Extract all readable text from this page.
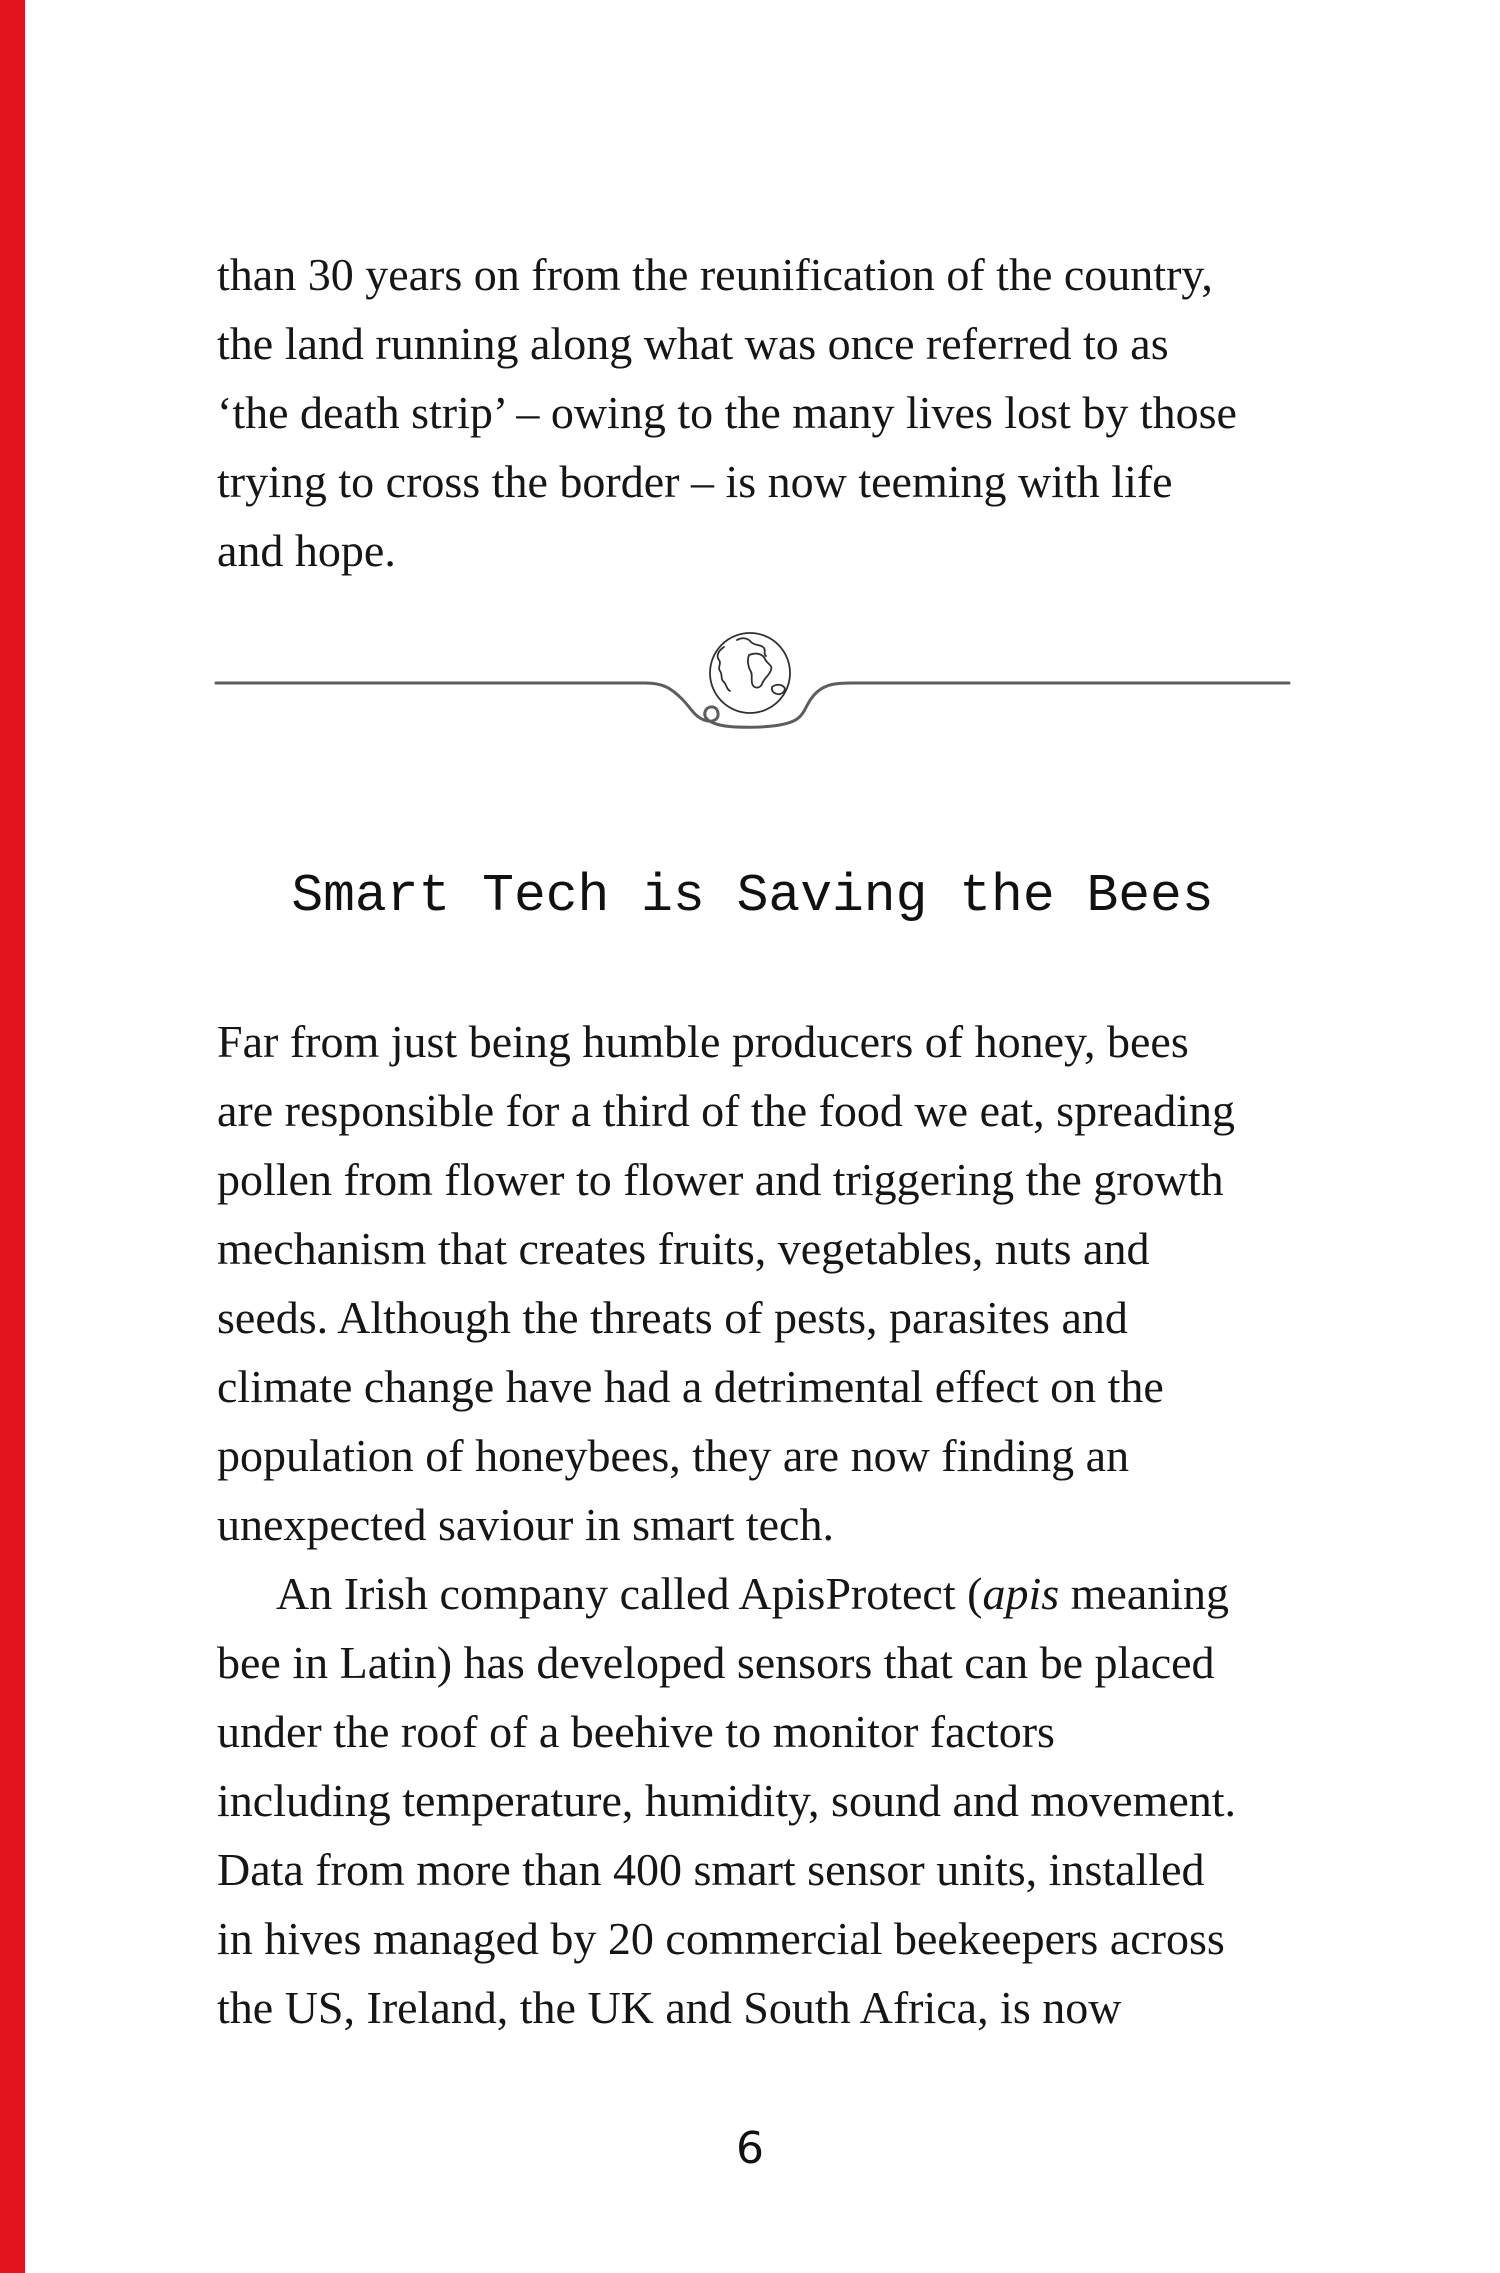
than 30 years on from the reunification of the country,
the land running along what was once referred to as
‘the death strip’ – owing to the many lives lost by those
trying to cross the border – is now teeming with life
and hope.
Smart Tech is Saving the Bees
Far from just being humble producers of honey, bees
are responsible for a third of the food we eat, spreading
pollen from flower to flower and triggering the growth
mechanism that creates fruits, vegetables, nuts and
seeds. Although the threats of pests, parasites and
climate change have had a detrimental effect on the
population of honeybees, they are now finding an
unexpected saviour in smart tech.
An Irish company called ApisProtect (apis meaning
bee in Latin) has developed sensors that can be placed
under the roof of a beehive to monitor factors
including temperature, humidity, sound and movement.
Data from more than 400 smart sensor units, installed
in hives managed by 20 commercial beekeepers across
the US, Ireland, the UK and South Africa, is now
6
